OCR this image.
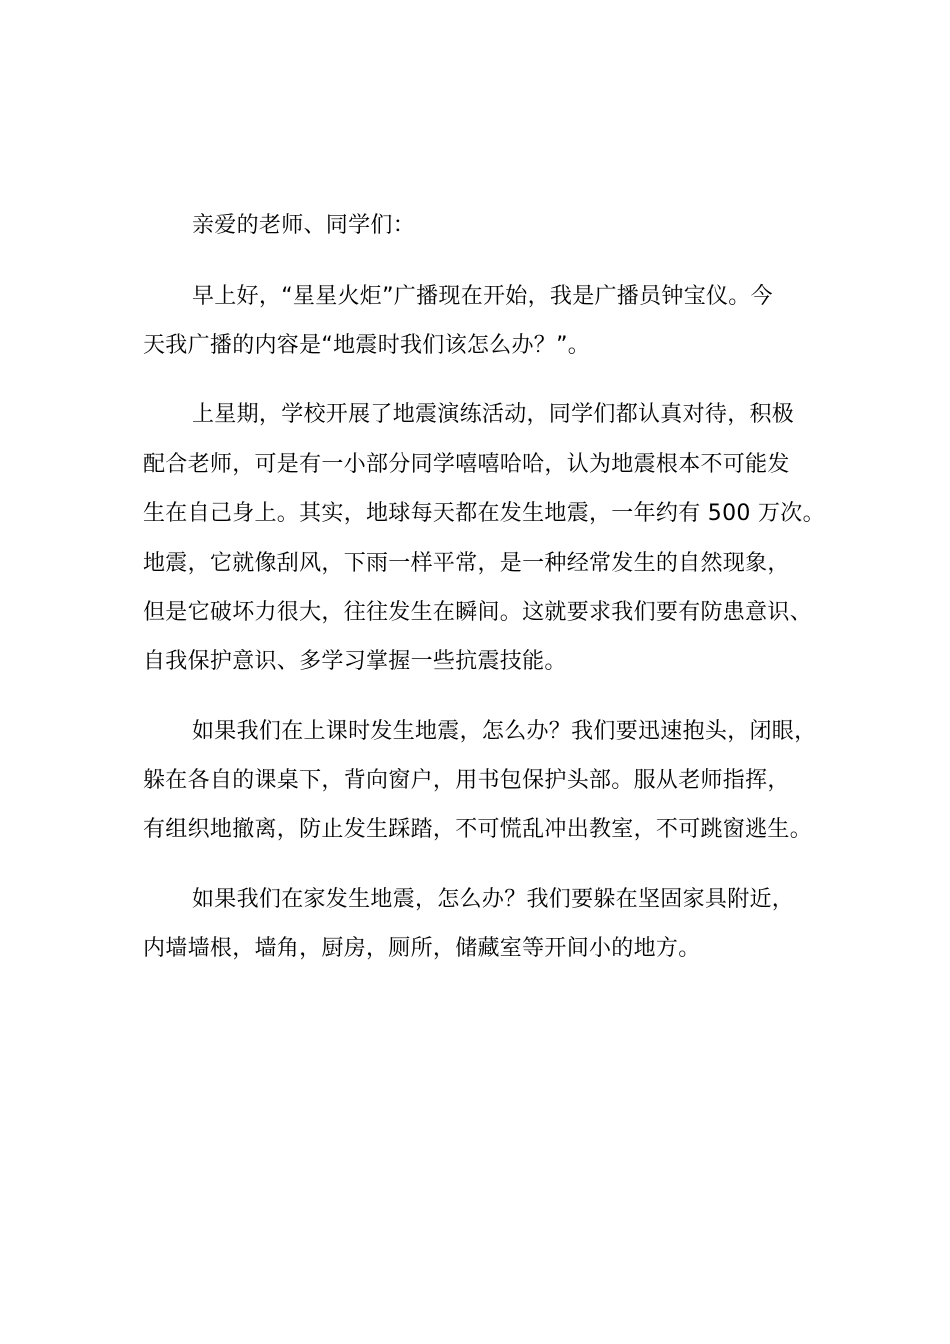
亲爱的老师、同学们：
早上好，“星星火炬”广播现在开始，我是广播员钟宝仪。今
天我广播的内容是“地震时我们该怎么办？”。
上星期，学校开展了地震演练活动，同学们都认真对待，积极
配合老师，可是有一小部分同学嘻嘻哈哈，认为地震根本不可能发
生在自己身上。其实，地球每天都在发生地震，一年约有 500 万次。
地震，它就像刮风，下雨一样平常，是一种经常发生的自然现象，
但是它破坏力很大，往往发生在瞬间。这就要求我们要有防患意识、
自我保护意识、多学习掌握一些抗震技能。
如果我们在上课时发生地震，怎么办？我们要迅速抱头，闭眼，
躲在各自的课桌下，背向窗户，用书包保护头部。服从老师指挥，
有组织地撤离，防止发生踩踏，不可慌乱冲出教室，不可跳窗逃生。
如果我们在家发生地震，怎么办？我们要躲在坚固家具附近，
内墙墙根，墙角，厨房，厕所，储藏室等开间小的地方。
